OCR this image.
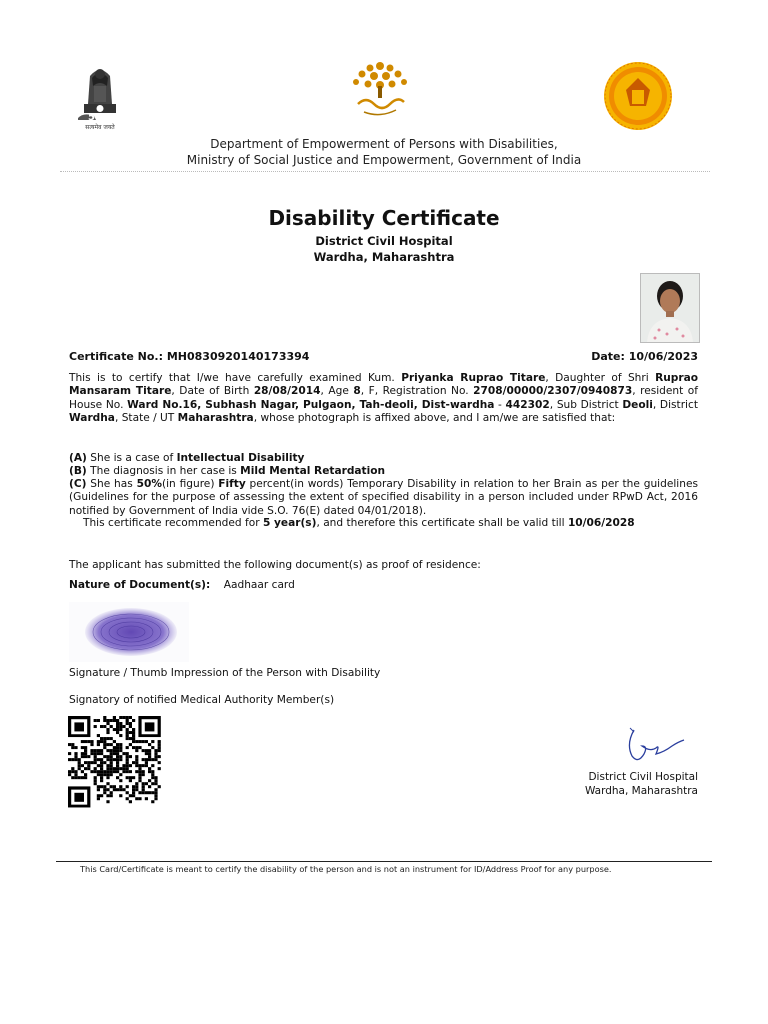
50
सत्यमेव जयते
Department of Empowerment of Persons with Disabilities,
Ministry of Social Justice and Empowerment, Government of India
Disability Certificate
District Civil Hospital
Wardha, Maharashtra
Certificate No.: MH0830920140173394	Date: 10/06/2023
This is to certify that I/we have carefully examined Kum. Priyanka Ruprao Titare, Daughter of Shri Ruprao Mansaram Titare, Date of Birth 28/08/2014, Age 8, F, Registration No. 2708/00000/2307/0940873, resident of House No. Ward No.16, Subhash Nagar, Pulgaon, Tah-deoli, Dist-wardha - 442302, Sub District Deoli, District Wardha, State / UT Maharashtra, whose photograph is affixed above, and I am/we are satisfied that:
(A) She is a case of Intellectual Disability
(B) The diagnosis in her case is Mild Mental Retardation
(C) She has 50%(in figure) Fifty percent(in words) Temporary Disability in relation to her Brain as per the guidelines (Guidelines for the purpose of assessing the extent of specified disability in a person included under RPwD Act, 2016 notified by Government of India vide S.O. 76(E) dated 04/01/2018).
This certificate recommended for 5 year(s), and therefore this certificate shall be valid till 10/06/2028
The applicant has submitted the following document(s) as proof of residence:
Nature of Document(s): Aadhaar card
Signature / Thumb Impression of the Person with Disability
Signatory of notified Medical Authority Member(s)
District Civil Hospital
Wardha, Maharashtra
This Card/Certificate is meant to certify the disability of the person and is not an instrument for ID/Address Proof for any purpose.
